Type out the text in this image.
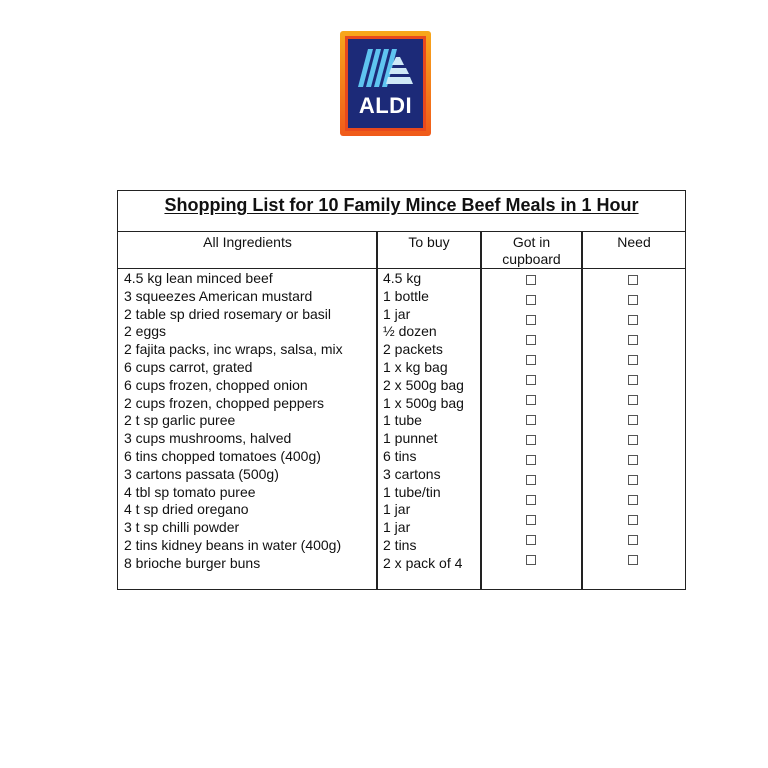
ALDI
Shopping List for 10 Family Mince Beef Meals in 1 Hour
All Ingredients	To buy	Got in
cupboard
Need
4.5 kg lean minced beef
3 squeezes American mustard
2 table sp dried rosemary or basil
2 eggs
2 fajita packs, inc wraps, salsa, mix
6 cups carrot, grated
6 cups frozen, chopped onion
2 cups frozen, chopped peppers
2 t sp garlic puree
3 cups mushrooms, halved
6 tins chopped tomatoes (400g)
3 cartons passata (500g)
4 tbl sp tomato puree
4 t sp dried oregano
3 t sp chilli powder
2 tins kidney beans in water (400g)
8 brioche burger buns
4.5 kg
1 bottle
1 jar
½ dozen
2 packets
1 x kg bag
2 x 500g bag
1 x 500g bag
1 tube
1 punnet
6 tins
3 cartons
1 tube/tin
1 jar
1 jar
2 tins
2 x pack of 4
